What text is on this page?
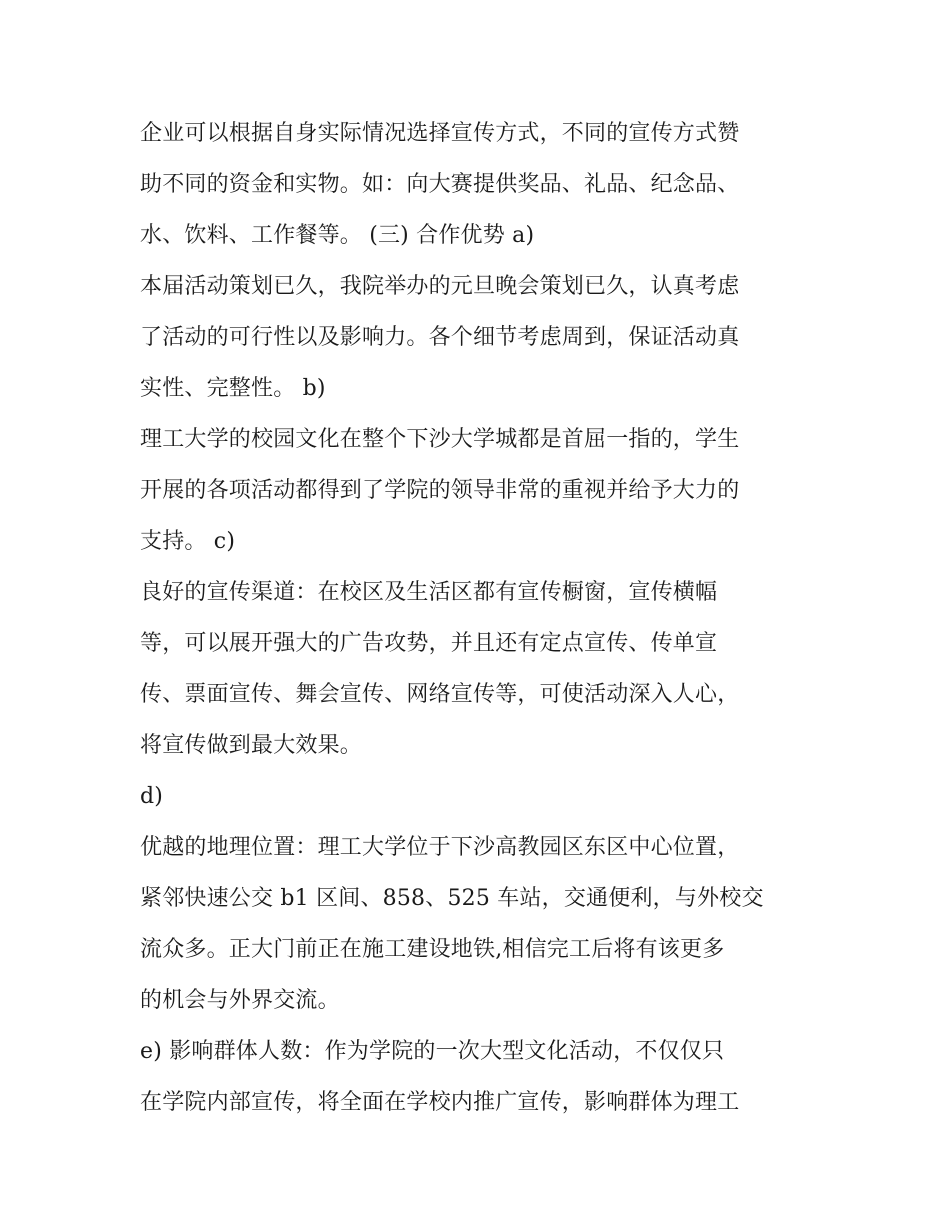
企业可以根据自身实际情况选择宣传方式，不同的宣传方式赞
助不同的资金和实物。如：向大赛提供奖品、礼品、纪念品、
水、饮料、工作餐等。 (三) 合作优势 a)
本届活动策划已久，我院举办的元旦晚会策划已久，认真考虑
了活动的可行性以及影响力。各个细节考虑周到，保证活动真
实性、完整性。 b)
理工大学的校园文化在整个下沙大学城都是首屈一指的，学生
开展的各项活动都得到了学院的领导非常的重视并给予大力的
支持。 c)
良好的宣传渠道：在校区及生活区都有宣传橱窗，宣传横幅
等，可以展开强大的广告攻势，并且还有定点宣传、传单宣
传、票面宣传、舞会宣传、网络宣传等，可使活动深入人心，
将宣传做到最大效果。
d)
优越的地理位置：理工大学位于下沙高教园区东区中心位置，
紧邻快速公交 b1 区间、858、525 车站，交通便利，与外校交
流众多。正大门前正在施工建设地铁,相信完工后将有该更多
的机会与外界交流。
e) 影响群体人数：作为学院的一次大型文化活动，不仅仅只
在学院内部宣传，将全面在学校内推广宣传，影响群体为理工
